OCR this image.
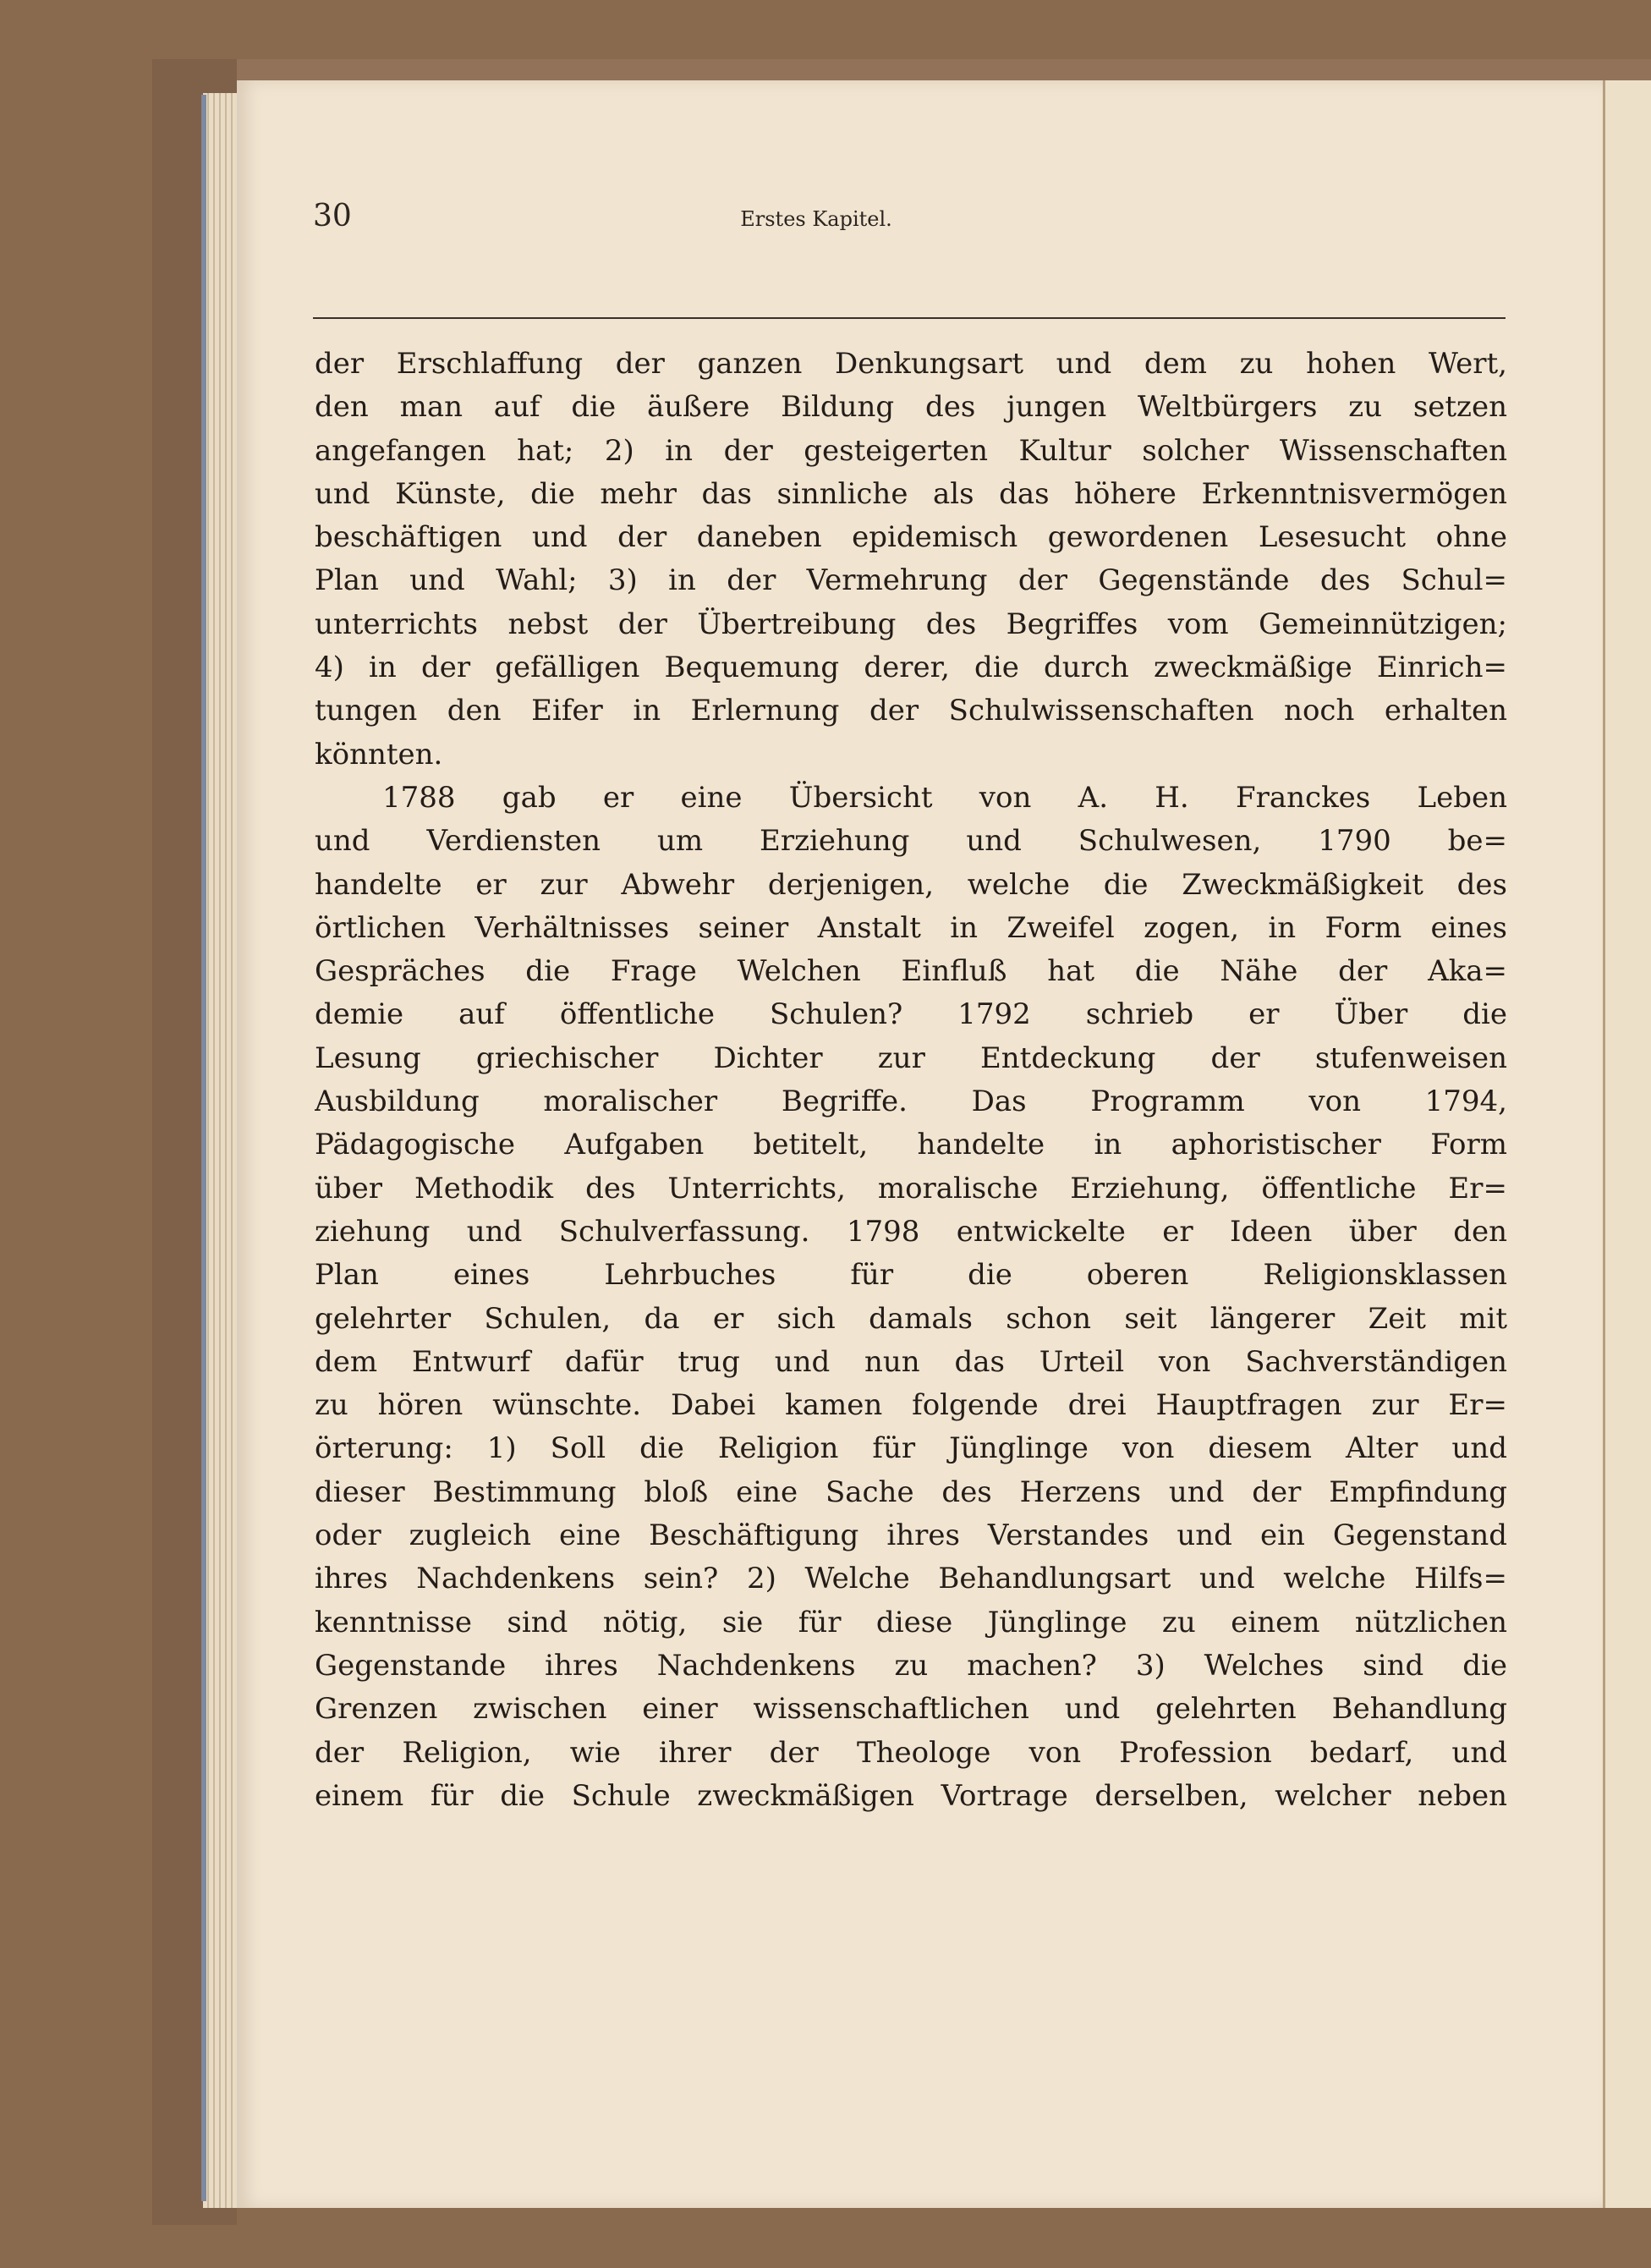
30	Erstes Kapitel.
der Erschlaffung der ganzen Denkungsart und dem zu hohen Wert,
den man auf die äußere Bildung des jungen Weltbürgers zu setzen
angefangen hat; 2) in der gesteigerten Kultur solcher Wissenschaften
und Künste, die mehr das sinnliche als das höhere Erkenntnisvermögen
beschäftigen und der daneben epidemisch gewordenen Lesesucht ohne
Plan und Wahl; 3) in der Vermehrung der Gegenstände des Schul=
unterrichts nebst der Übertreibung des Begriffes vom Gemeinnützigen;
4) in der gefälligen Bequemung derer, die durch zweckmäßige Einrich=
tungen den Eifer in Erlernung der Schulwissenschaften noch erhalten
könnten.
1788 gab er eine Übersicht von A. H. Franckes Leben
und Verdiensten um Erziehung und Schulwesen, 1790 be=
handelte er zur Abwehr derjenigen, welche die Zweckmäßigkeit des
örtlichen Verhältnisses seiner Anstalt in Zweifel zogen, in Form eines
Gespräches die Frage Welchen Einfluß hat die Nähe der Aka=
demie auf öffentliche Schulen? 1792 schrieb er Über die
Lesung griechischer Dichter zur Entdeckung der stufenweisen
Ausbildung moralischer Begriffe. Das Programm von 1794,
Pädagogische Aufgaben betitelt, handelte in aphoristischer Form
über Methodik des Unterrichts, moralische Erziehung, öffentliche Er=
ziehung und Schulverfassung. 1798 entwickelte er Ideen über den
Plan eines Lehrbuches für die oberen Religionsklassen
gelehrter Schulen, da er sich damals schon seit längerer Zeit mit
dem Entwurf dafür trug und nun das Urteil von Sachverständigen
zu hören wünschte. Dabei kamen folgende drei Hauptfragen zur Er=
örterung: 1) Soll die Religion für Jünglinge von diesem Alter und
dieser Bestimmung bloß eine Sache des Herzens und der Empfindung
oder zugleich eine Beschäftigung ihres Verstandes und ein Gegenstand
ihres Nachdenkens sein? 2) Welche Behandlungsart und welche Hilfs=
kenntnisse sind nötig, sie für diese Jünglinge zu einem nützlichen
Gegenstande ihres Nachdenkens zu machen? 3) Welches sind die
Grenzen zwischen einer wissenschaftlichen und gelehrten Behandlung
der Religion, wie ihrer der Theologe von Profession bedarf, und
einem für die Schule zweckmäßigen Vortrage derselben, welcher neben
